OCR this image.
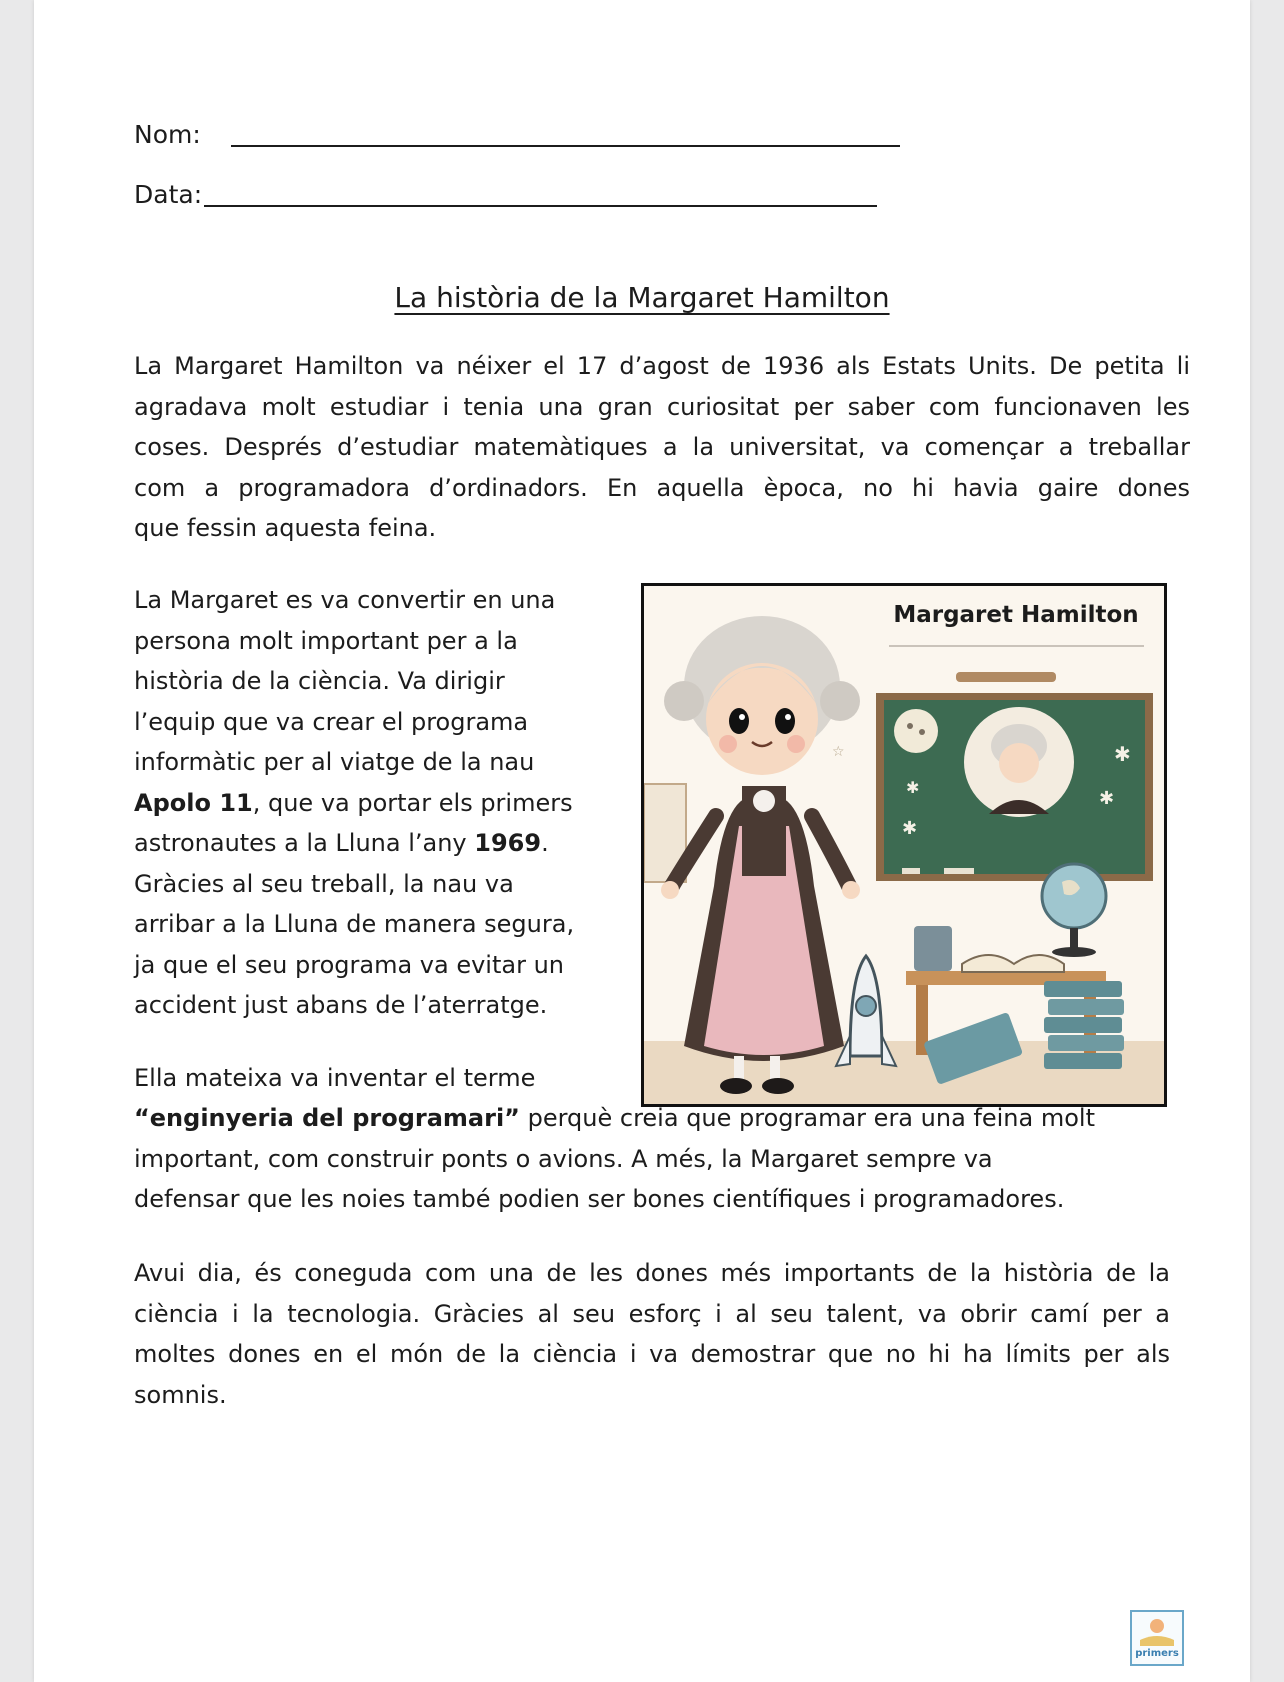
Nom:
Data:
La història de la Margaret Hamilton
La Margaret Hamilton va néixer el 17 d’agost de 1936 als Estats Units. De petita li
agradava molt estudiar i tenia una gran curiositat per saber com funcionaven les
coses. Després d’estudiar matemàtiques a la universitat, va començar a treballar
com a programadora d’ordinadors. En aquella època, no hi havia gaire dones
que fessin aquesta feina.
La Margaret es va convertir en una
persona molt important per a la
història de la ciència. Va dirigir
l’equip que va crear el programa
informàtic per al viatge de la nau
Apolo 11, que va portar els primers
astronautes a la Lluna l’any 1969.
Gràcies al seu treball, la nau va
arribar a la Lluna de manera segura,
ja que el seu programa va evitar un
accident just abans de l’aterratge.
✱
✱
✱
✱
☆
Margaret Hamilton

Ella mateixa va inventar el terme

“enginyeria del programari” perquè creia que programar era una feina molt
important, com construir ponts o avions. A més, la Margaret sempre va
defensar que les noies també podien ser bones científiques i programadores.
Avui dia, és coneguda com una de les dones més importants de la història de la
ciència i la tecnologia. Gràcies al seu esforç i al seu talent, va obrir camí per a
moltes dones en el món de la ciència i va demostrar que no hi ha límits per als
somnis.
primers
